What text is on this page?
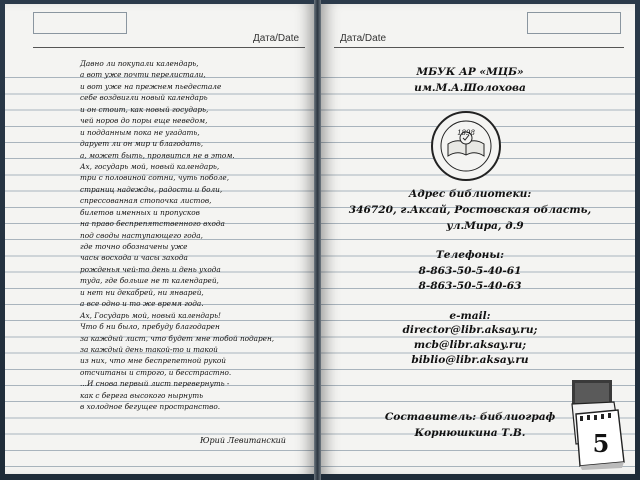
Дата/Date
Давно ли покупали календарь,
а вот уже почти перелистали,
и вот уже на прежнем пьедестале
себе воздвигли новый календарь
и он стоит, как новый государь,
чей норов до поры еще неведом,
и подданным пока не угадать,
дарует ли он мир и благодать,
а, может быть, проявится не в этом.
Ах, государь мой, новый календарь,
три с половиной сотни, чуть поболе,
страниц надежды, радости и боли,
спрессованная стопочка листов,
билетов именных и пропусков
на право беспрепятственного входа
под своды наступающего года,
где точно обозначены уже
часы восхода и часы захода
рожденья чей-то день и день ухода
туда, где больше не т календарей,
и нет ни декабрей, ни январей,
а все одно и то же время года.
Ах, Государь мой, новый календарь!
Что б ни было, пребуду благодарен
за каждый лист, что будет мне тобой подарен,
за каждый день такой-то и такой
из них, что мне беспрепетной рукой
отсчитаны и строго, и бесстрастно.
...И снова первый лист перевернуть -
как с берега высокого нырнуть
в холодное бегущее пространство.
Юрий Левитанский
Дата/Date
МБУК АР «МЦБ»
им.М.А.Шолохова
1898
Адрес библиотеки:
346720, г.Аксай, Ростовская область,
ул.Мира, д.9
Телефоны:
8-863-50-5-40-61
8-863-50-5-40-63
e-mail:
director@libr.aksay.ru;
mcb@libr.aksay.ru;
biblio@libr.aksay.ru
Составитель: библиограф
Корнюшкина Т.В.	5
